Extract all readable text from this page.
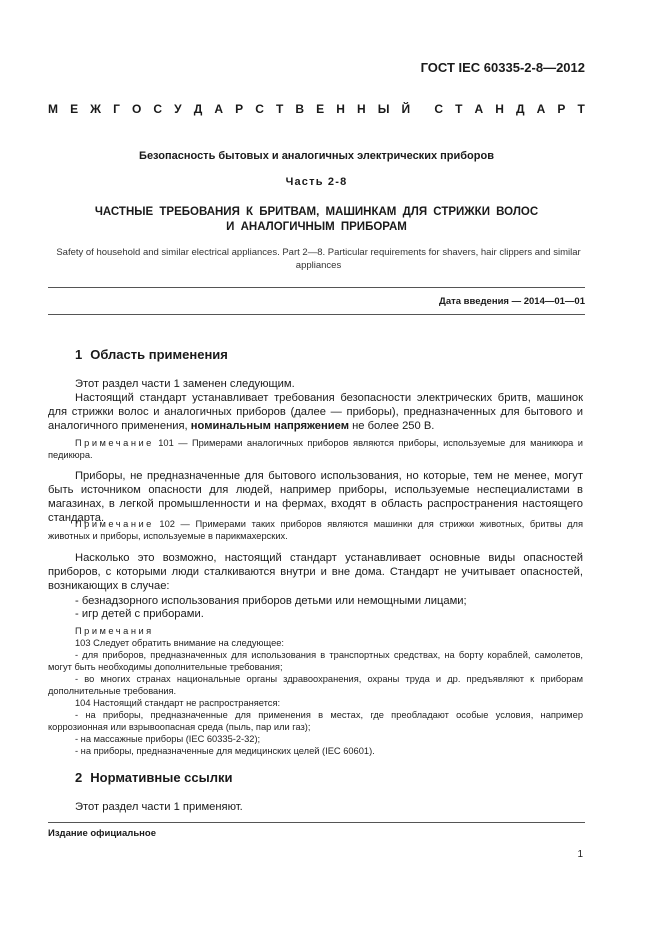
ГОСТ IEC 60335-2-8—2012
М Е Ж Г О С У Д А Р С Т В Е Н Н Ы Й С Т А Н Д А Р Т
Безопасность бытовых и аналогичных электрических приборов
Часть 2-8
ЧАСТНЫЕ ТРЕБОВАНИЯ К БРИТВАМ, МАШИНКАМ ДЛЯ СТРИЖКИ ВОЛОС
И АНАЛОГИЧНЫМ ПРИБОРАМ
Safety of household and similar electrical appliances. Part 2—8. Particular requirements for shavers, hair clippers and similar appliances
Дата введения — 2014—01—01
1 Область применения
Этот раздел части 1 заменен следующим.
Настоящий стандарт устанавливает требования безопасности электрических бритв, машинок для стрижки волос и аналогичных приборов (далее — приборы), предназначенных для бытового и аналогичного применения, номинальным напряжением не более 250 В.
Примечание 101 — Примерами аналогичных приборов являются приборы, используемые для маникюра и педикюра.
Приборы, не предназначенные для бытового использования, но которые, тем не менее, могут быть источником опасности для людей, например приборы, используемые неспециалистами в магазинах, в легкой промышленности и на фермах, входят в область распространения настоящего стандарта.
Примечание 102 — Примерами таких приборов являются машинки для стрижки животных, бритвы для животных и приборы, используемые в парикмахерских.
Насколько это возможно, настоящий стандарт устанавливает основные виды опасностей приборов, с которыми люди сталкиваются внутри и вне дома. Стандарт не учитывает опасностей, возникающих в случае:
- безнадзорного использования приборов детьми или немощными лицами;
- игр детей с приборами.
Примечания
103 Следует обратить внимание на следующее:
- для приборов, предназначенных для использования в транспортных средствах, на борту кораблей, самолетов, могут быть необходимы дополнительные требования;
- во многих странах национальные органы здравоохранения, охраны труда и др. предъявляют к приборам дополнительные требования.
104 Настоящий стандарт не распространяется:
- на приборы, предназначенные для применения в местах, где преобладают особые условия, например коррозионная или взрывоопасная среда (пыль, пар или газ);
- на массажные приборы (IEC 60335-2-32);
- на приборы, предназначенные для медицинских целей (IEC 60601).
2 Нормативные ссылки
Этот раздел части 1 применяют.
Издание официальное
1
